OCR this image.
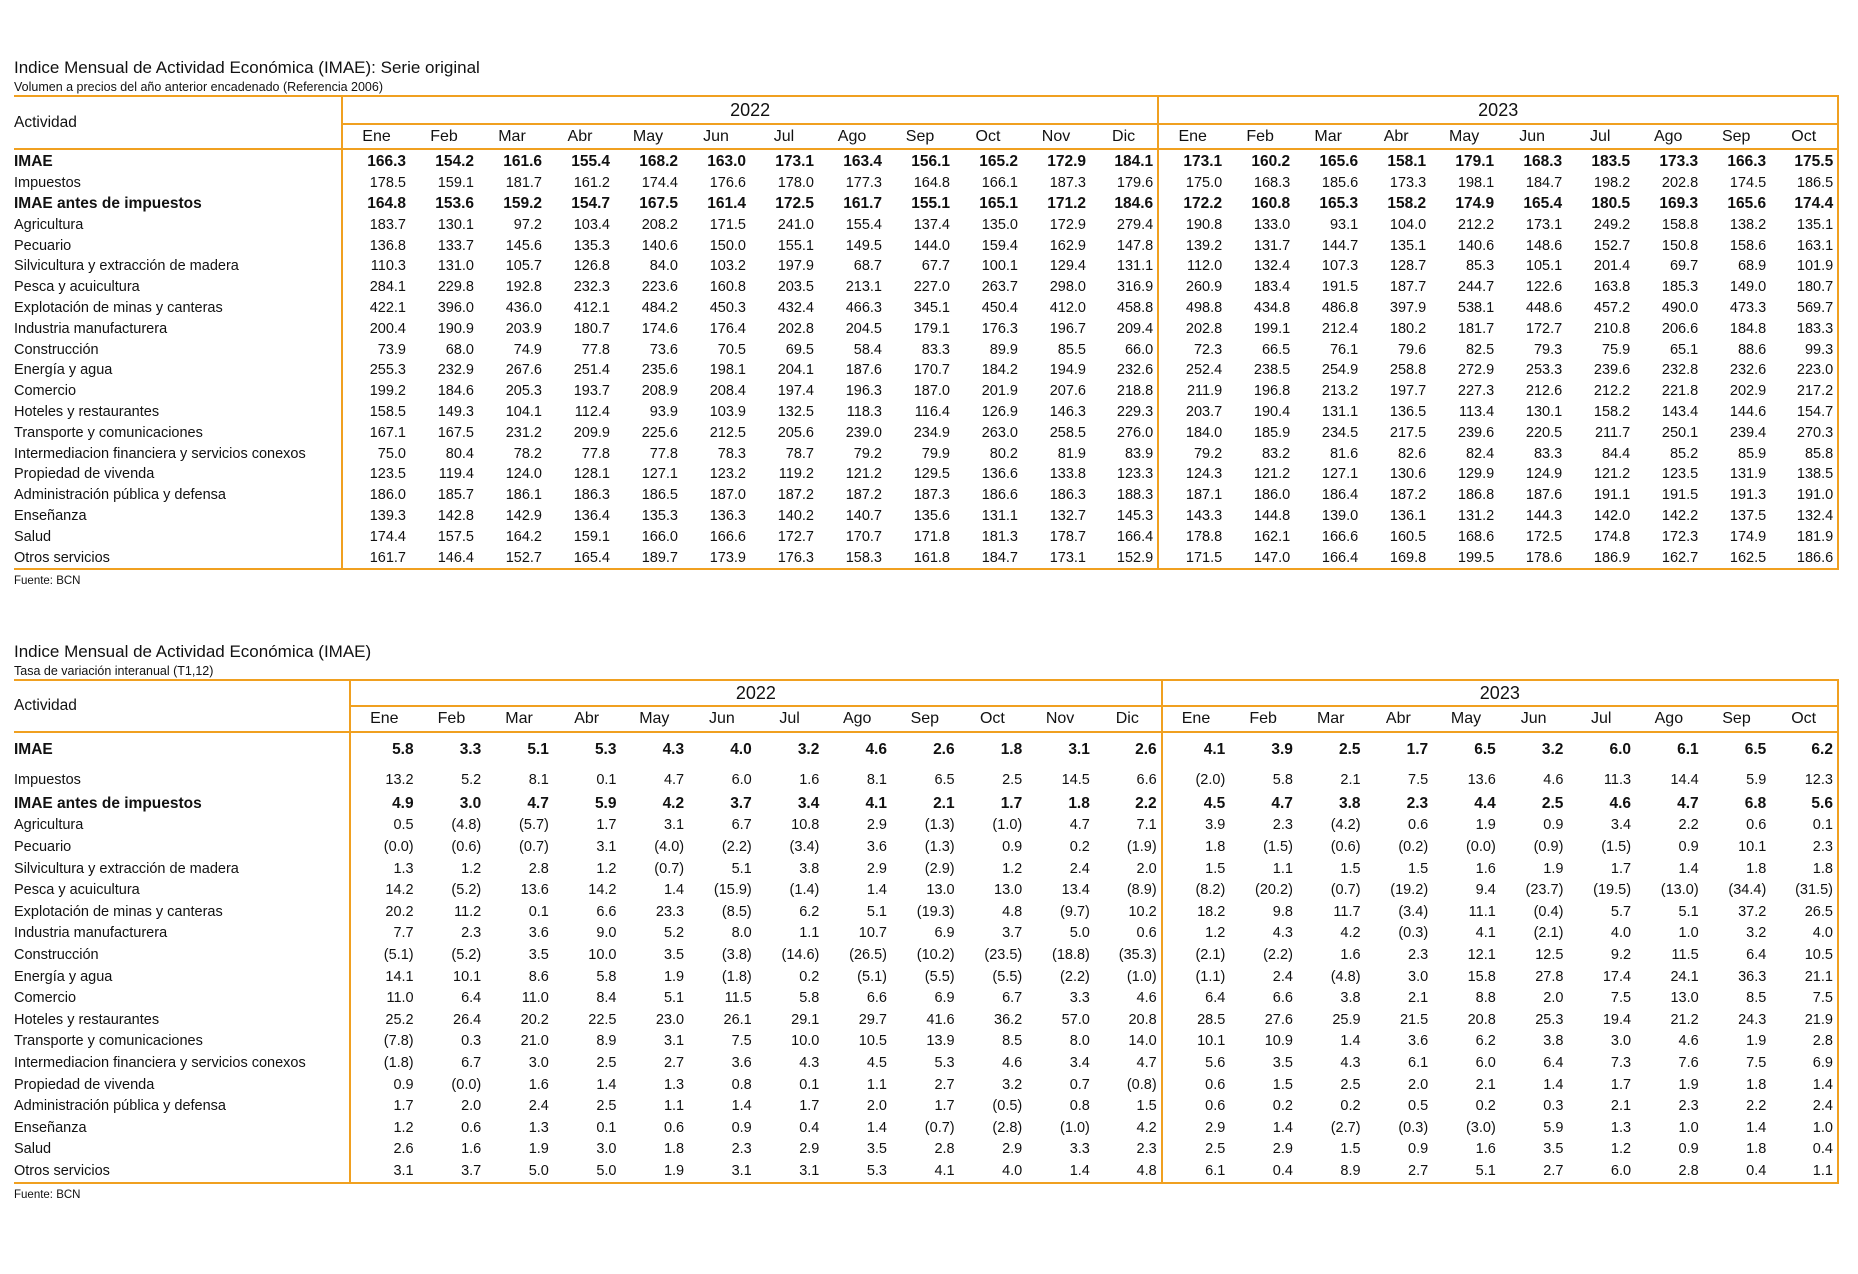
Indice Mensual de Actividad Económica (IMAE): Serie original
Volumen a precios del año anterior encadenado (Referencia 2006)
Actividad	2022												2023									
	Ene	Feb	Mar	Abr	May	Jun	Jul	Ago	Sep	Oct	Nov	Dic	Ene	Feb	Mar	Abr	May	Jun	Jul	Ago	Sep	Oct
IMAE	166.3	154.2	161.6	155.4	168.2	163.0	173.1	163.4	156.1	165.2	172.9	184.1	173.1	160.2	165.6	158.1	179.1	168.3	183.5	173.3	166.3	175.5
Impuestos	178.5	159.1	181.7	161.2	174.4	176.6	178.0	177.3	164.8	166.1	187.3	179.6	175.0	168.3	185.6	173.3	198.1	184.7	198.2	202.8	174.5	186.5
IMAE antes de impuestos	164.8	153.6	159.2	154.7	167.5	161.4	172.5	161.7	155.1	165.1	171.2	184.6	172.2	160.8	165.3	158.2	174.9	165.4	180.5	169.3	165.6	174.4
Agricultura	183.7	130.1	97.2	103.4	208.2	171.5	241.0	155.4	137.4	135.0	172.9	279.4	190.8	133.0	93.1	104.0	212.2	173.1	249.2	158.8	138.2	135.1
Pecuario	136.8	133.7	145.6	135.3	140.6	150.0	155.1	149.5	144.0	159.4	162.9	147.8	139.2	131.7	144.7	135.1	140.6	148.6	152.7	150.8	158.6	163.1
Silvicultura y extracción de madera	110.3	131.0	105.7	126.8	84.0	103.2	197.9	68.7	67.7	100.1	129.4	131.1	112.0	132.4	107.3	128.7	85.3	105.1	201.4	69.7	68.9	101.9
Pesca y acuicultura	284.1	229.8	192.8	232.3	223.6	160.8	203.5	213.1	227.0	263.7	298.0	316.9	260.9	183.4	191.5	187.7	244.7	122.6	163.8	185.3	149.0	180.7
Explotación de minas y canteras	422.1	396.0	436.0	412.1	484.2	450.3	432.4	466.3	345.1	450.4	412.0	458.8	498.8	434.8	486.8	397.9	538.1	448.6	457.2	490.0	473.3	569.7
Industria manufacturera	200.4	190.9	203.9	180.7	174.6	176.4	202.8	204.5	179.1	176.3	196.7	209.4	202.8	199.1	212.4	180.2	181.7	172.7	210.8	206.6	184.8	183.3
Construcción	73.9	68.0	74.9	77.8	73.6	70.5	69.5	58.4	83.3	89.9	85.5	66.0	72.3	66.5	76.1	79.6	82.5	79.3	75.9	65.1	88.6	99.3
Energía y agua	255.3	232.9	267.6	251.4	235.6	198.1	204.1	187.6	170.7	184.2	194.9	232.6	252.4	238.5	254.9	258.8	272.9	253.3	239.6	232.8	232.6	223.0
Comercio	199.2	184.6	205.3	193.7	208.9	208.4	197.4	196.3	187.0	201.9	207.6	218.8	211.9	196.8	213.2	197.7	227.3	212.6	212.2	221.8	202.9	217.2
Hoteles y restaurantes	158.5	149.3	104.1	112.4	93.9	103.9	132.5	118.3	116.4	126.9	146.3	229.3	203.7	190.4	131.1	136.5	113.4	130.1	158.2	143.4	144.6	154.7
Transporte y comunicaciones	167.1	167.5	231.2	209.9	225.6	212.5	205.6	239.0	234.9	263.0	258.5	276.0	184.0	185.9	234.5	217.5	239.6	220.5	211.7	250.1	239.4	270.3
Intermediacion financiera y servicios conexos	75.0	80.4	78.2	77.8	77.8	78.3	78.7	79.2	79.9	80.2	81.9	83.9	79.2	83.2	81.6	82.6	82.4	83.3	84.4	85.2	85.9	85.8
Propiedad de vivenda	123.5	119.4	124.0	128.1	127.1	123.2	119.2	121.2	129.5	136.6	133.8	123.3	124.3	121.2	127.1	130.6	129.9	124.9	121.2	123.5	131.9	138.5
Administración pública y defensa	186.0	185.7	186.1	186.3	186.5	187.0	187.2	187.2	187.3	186.6	186.3	188.3	187.1	186.0	186.4	187.2	186.8	187.6	191.1	191.5	191.3	191.0
Enseñanza	139.3	142.8	142.9	136.4	135.3	136.3	140.2	140.7	135.6	131.1	132.7	145.3	143.3	144.8	139.0	136.1	131.2	144.3	142.0	142.2	137.5	132.4
Salud	174.4	157.5	164.2	159.1	166.0	166.6	172.7	170.7	171.8	181.3	178.7	166.4	178.8	162.1	166.6	160.5	168.6	172.5	174.8	172.3	174.9	181.9
Otros servicios	161.7	146.4	152.7	165.4	189.7	173.9	176.3	158.3	161.8	184.7	173.1	152.9	171.5	147.0	166.4	169.8	199.5	178.6	186.9	162.7	162.5	186.6
Fuente: BCN
Indice Mensual de Actividad Económica (IMAE)
Tasa de variación interanual (T1,12)
Actividad	2022												2023									
	Ene	Feb	Mar	Abr	May	Jun	Jul	Ago	Sep	Oct	Nov	Dic	Ene	Feb	Mar	Abr	May	Jun	Jul	Ago	Sep	Oct
IMAE	5.8	3.3	5.1	5.3	4.3	4.0	3.2	4.6	2.6	1.8	3.1	2.6	4.1	3.9	2.5	1.7	6.5	3.2	6.0	6.1	6.5	6.2
Impuestos	13.2	5.2	8.1	0.1	4.7	6.0	1.6	8.1	6.5	2.5	14.5	6.6	(2.0)	5.8	2.1	7.5	13.6	4.6	11.3	14.4	5.9	12.3
IMAE antes de impuestos	4.9	3.0	4.7	5.9	4.2	3.7	3.4	4.1	2.1	1.7	1.8	2.2	4.5	4.7	3.8	2.3	4.4	2.5	4.6	4.7	6.8	5.6
Agricultura	0.5	(4.8)	(5.7)	1.7	3.1	6.7	10.8	2.9	(1.3)	(1.0)	4.7	7.1	3.9	2.3	(4.2)	0.6	1.9	0.9	3.4	2.2	0.6	0.1
Pecuario	(0.0)	(0.6)	(0.7)	3.1	(4.0)	(2.2)	(3.4)	3.6	(1.3)	0.9	0.2	(1.9)	1.8	(1.5)	(0.6)	(0.2)	(0.0)	(0.9)	(1.5)	0.9	10.1	2.3
Silvicultura y extracción de madera	1.3	1.2	2.8	1.2	(0.7)	5.1	3.8	2.9	(2.9)	1.2	2.4	2.0	1.5	1.1	1.5	1.5	1.6	1.9	1.7	1.4	1.8	1.8
Pesca y acuicultura	14.2	(5.2)	13.6	14.2	1.4	(15.9)	(1.4)	1.4	13.0	13.0	13.4	(8.9)	(8.2)	(20.2)	(0.7)	(19.2)	9.4	(23.7)	(19.5)	(13.0)	(34.4)	(31.5)
Explotación de minas y canteras	20.2	11.2	0.1	6.6	23.3	(8.5)	6.2	5.1	(19.3)	4.8	(9.7)	10.2	18.2	9.8	11.7	(3.4)	11.1	(0.4)	5.7	5.1	37.2	26.5
Industria manufacturera	7.7	2.3	3.6	9.0	5.2	8.0	1.1	10.7	6.9	3.7	5.0	0.6	1.2	4.3	4.2	(0.3)	4.1	(2.1)	4.0	1.0	3.2	4.0
Construcción	(5.1)	(5.2)	3.5	10.0	3.5	(3.8)	(14.6)	(26.5)	(10.2)	(23.5)	(18.8)	(35.3)	(2.1)	(2.2)	1.6	2.3	12.1	12.5	9.2	11.5	6.4	10.5
Energía y agua	14.1	10.1	8.6	5.8	1.9	(1.8)	0.2	(5.1)	(5.5)	(5.5)	(2.2)	(1.0)	(1.1)	2.4	(4.8)	3.0	15.8	27.8	17.4	24.1	36.3	21.1
Comercio	11.0	6.4	11.0	8.4	5.1	11.5	5.8	6.6	6.9	6.7	3.3	4.6	6.4	6.6	3.8	2.1	8.8	2.0	7.5	13.0	8.5	7.5
Hoteles y restaurantes	25.2	26.4	20.2	22.5	23.0	26.1	29.1	29.7	41.6	36.2	57.0	20.8	28.5	27.6	25.9	21.5	20.8	25.3	19.4	21.2	24.3	21.9
Transporte y comunicaciones	(7.8)	0.3	21.0	8.9	3.1	7.5	10.0	10.5	13.9	8.5	8.0	14.0	10.1	10.9	1.4	3.6	6.2	3.8	3.0	4.6	1.9	2.8
Intermediacion financiera y servicios conexos	(1.8)	6.7	3.0	2.5	2.7	3.6	4.3	4.5	5.3	4.6	3.4	4.7	5.6	3.5	4.3	6.1	6.0	6.4	7.3	7.6	7.5	6.9
Propiedad de vivenda	0.9	(0.0)	1.6	1.4	1.3	0.8	0.1	1.1	2.7	3.2	0.7	(0.8)	0.6	1.5	2.5	2.0	2.1	1.4	1.7	1.9	1.8	1.4
Administración pública y defensa	1.7	2.0	2.4	2.5	1.1	1.4	1.7	2.0	1.7	(0.5)	0.8	1.5	0.6	0.2	0.2	0.5	0.2	0.3	2.1	2.3	2.2	2.4
Enseñanza	1.2	0.6	1.3	0.1	0.6	0.9	0.4	1.4	(0.7)	(2.8)	(1.0)	4.2	2.9	1.4	(2.7)	(0.3)	(3.0)	5.9	1.3	1.0	1.4	1.0
Salud	2.6	1.6	1.9	3.0	1.8	2.3	2.9	3.5	2.8	2.9	3.3	2.3	2.5	2.9	1.5	0.9	1.6	3.5	1.2	0.9	1.8	0.4
Otros servicios	3.1	3.7	5.0	5.0	1.9	3.1	3.1	5.3	4.1	4.0	1.4	4.8	6.1	0.4	8.9	2.7	5.1	2.7	6.0	2.8	0.4	1.1
Fuente: BCN
